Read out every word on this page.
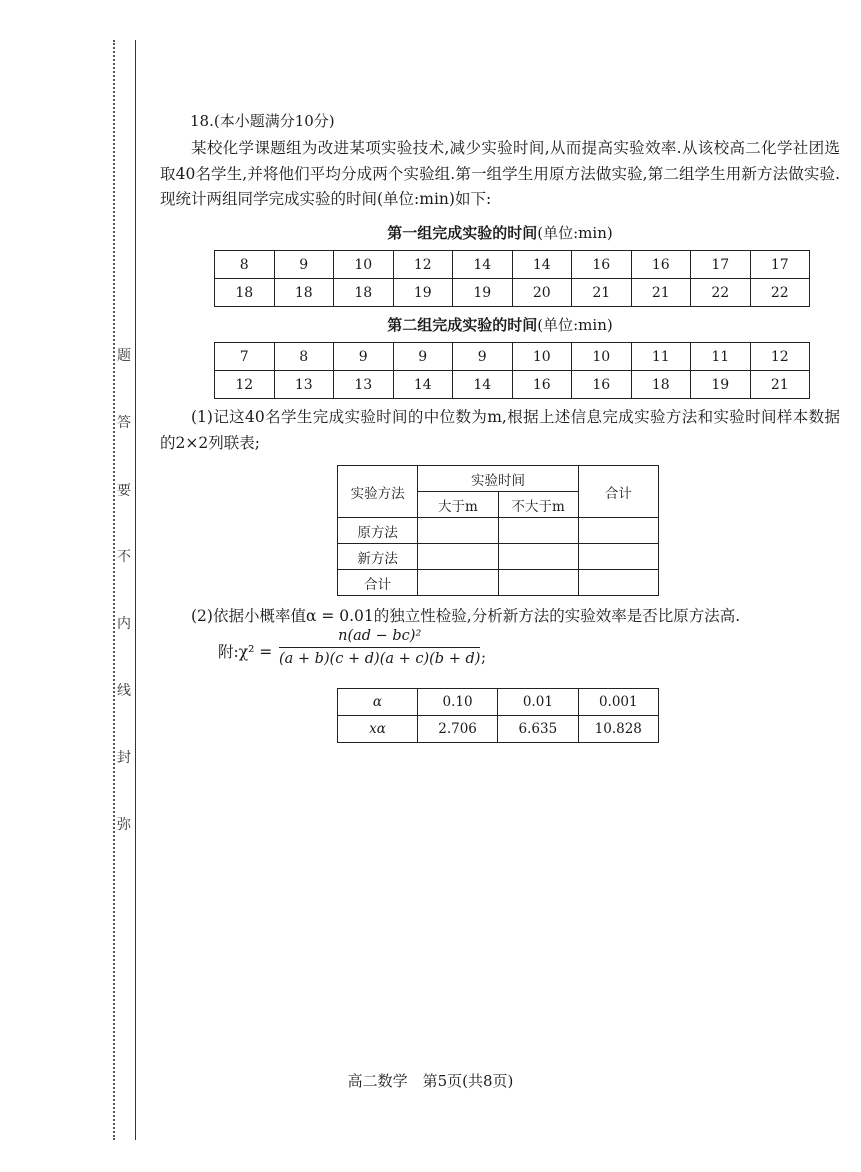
题
答
要
不
内
线
封
弥
18.(本小题满分10分)
某校化学课题组为改进某项实验技术,减少实验时间,从而提高实验效率.从该校高二化学社团选取40名学生,并将他们平均分成两个实验组.第一组学生用原方法做实验,第二组学生用新方法做实验.现统计两组同学完成实验的时间(单位:min)如下:
第一组完成实验的时间(单位:min)
8	9	10	12	14	14	16	16	17	17
18	18	18	19	19	20	21	21	22	22
第二组完成实验的时间(单位:min)
7	8	9	9	9	10	10	11	11	12
12	13	13	14	14	16	16	18	19	21
(1)记这40名学生完成实验时间的中位数为m,根据上述信息完成实验方法和实验时间样本数据的2×2列联表;
实验方法	实验时间		合计
	大于m	不大于m	
原方法			
新方法			
合计			
(2)依据小概率值α = 0.01的独立性检验,分析新方法的实验效率是否比原方法高.
附:χ² = $\frac{\text{n(ad − bc)²}}{(a + b)(c + d)(a + c)(b + d)}$ ;
α	0.10	0.01	0.001
xα	2.706	6.635	10.828
高二数学　第5页(共8页)
